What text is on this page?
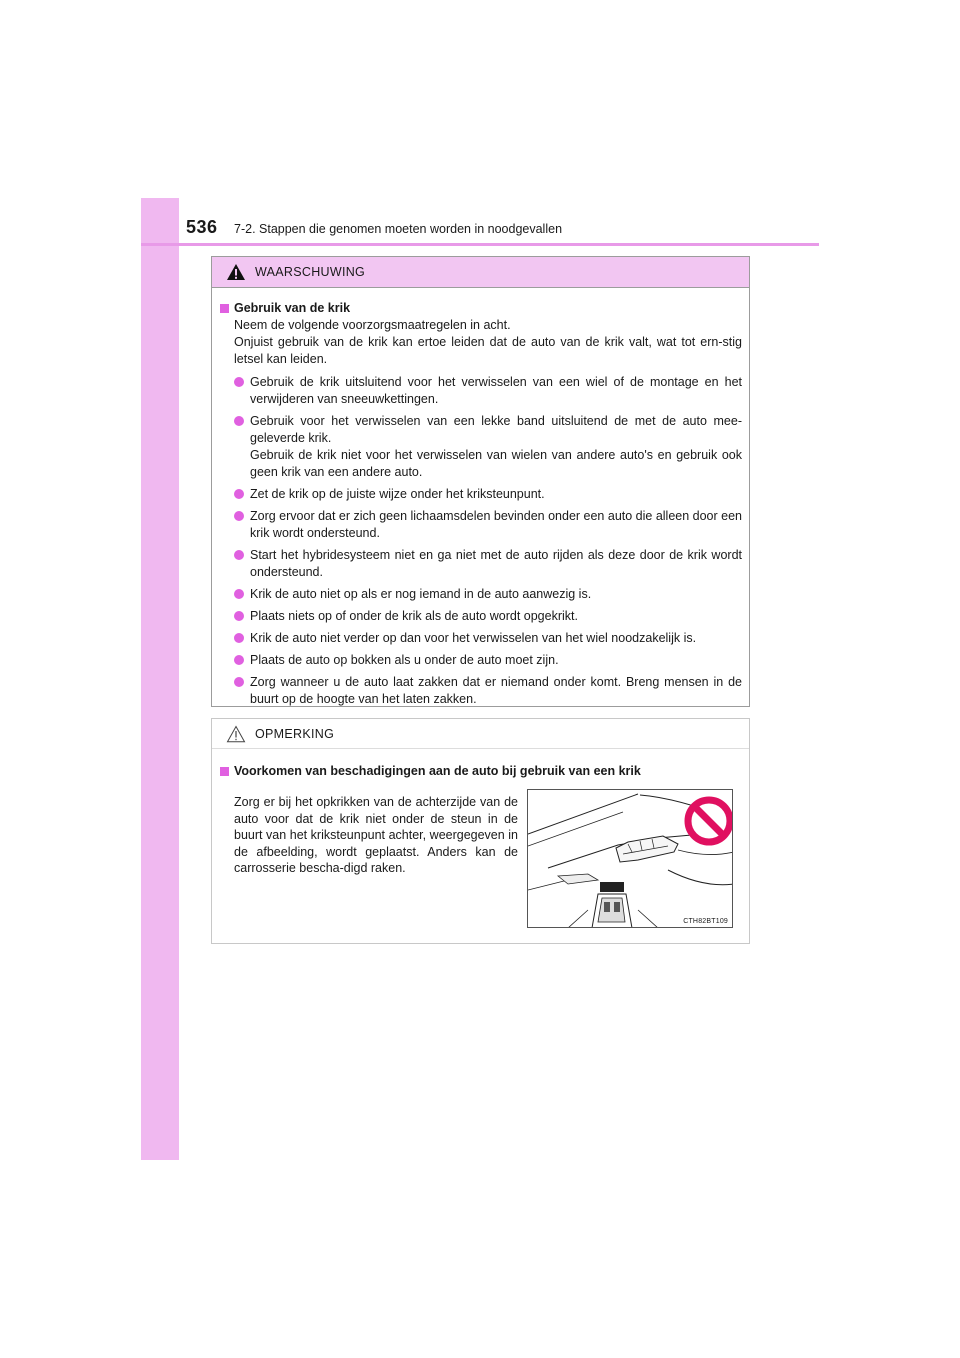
536 7-2. Stappen die genomen moeten worden in noodgevallen
WAARSCHUWING
Gebruik van de krik
Neem de volgende voorzorgsmaatregelen in acht.
Onjuist gebruik van de krik kan ertoe leiden dat de auto van de krik valt, wat tot ern-stig letsel kan leiden.
Gebruik de krik uitsluitend voor het verwisselen van een wiel of de montage en het verwijderen van sneeuwkettingen.
Gebruik voor het verwisselen van een lekke band uitsluitend de met de auto mee-geleverde krik.
Gebruik de krik niet voor het verwisselen van wielen van andere auto's en gebruik ook geen krik van een andere auto.
Zet de krik op de juiste wijze onder het kriksteunpunt.
Zorg ervoor dat er zich geen lichaamsdelen bevinden onder een auto die alleen door een krik wordt ondersteund.
Start het hybridesysteem niet en ga niet met de auto rijden als deze door de krik wordt ondersteund.
Krik de auto niet op als er nog iemand in de auto aanwezig is.
Plaats niets op of onder de krik als de auto wordt opgekrikt.
Krik de auto niet verder op dan voor het verwisselen van het wiel noodzakelijk is.
Plaats de auto op bokken als u onder de auto moet zijn.
Zorg wanneer u de auto laat zakken dat er niemand onder komt. Breng mensen in de buurt op de hoogte van het laten zakken.
OPMERKING
Voorkomen van beschadigingen aan de auto bij gebruik van een krik
Zorg er bij het opkrikken van de achterzijde van de auto voor dat de krik niet onder de steun in de buurt van het kriksteunpunt achter, weergegeven in de afbeelding, wordt geplaatst. Anders kan de carrosserie bescha-digd raken.
CTH82BT109
